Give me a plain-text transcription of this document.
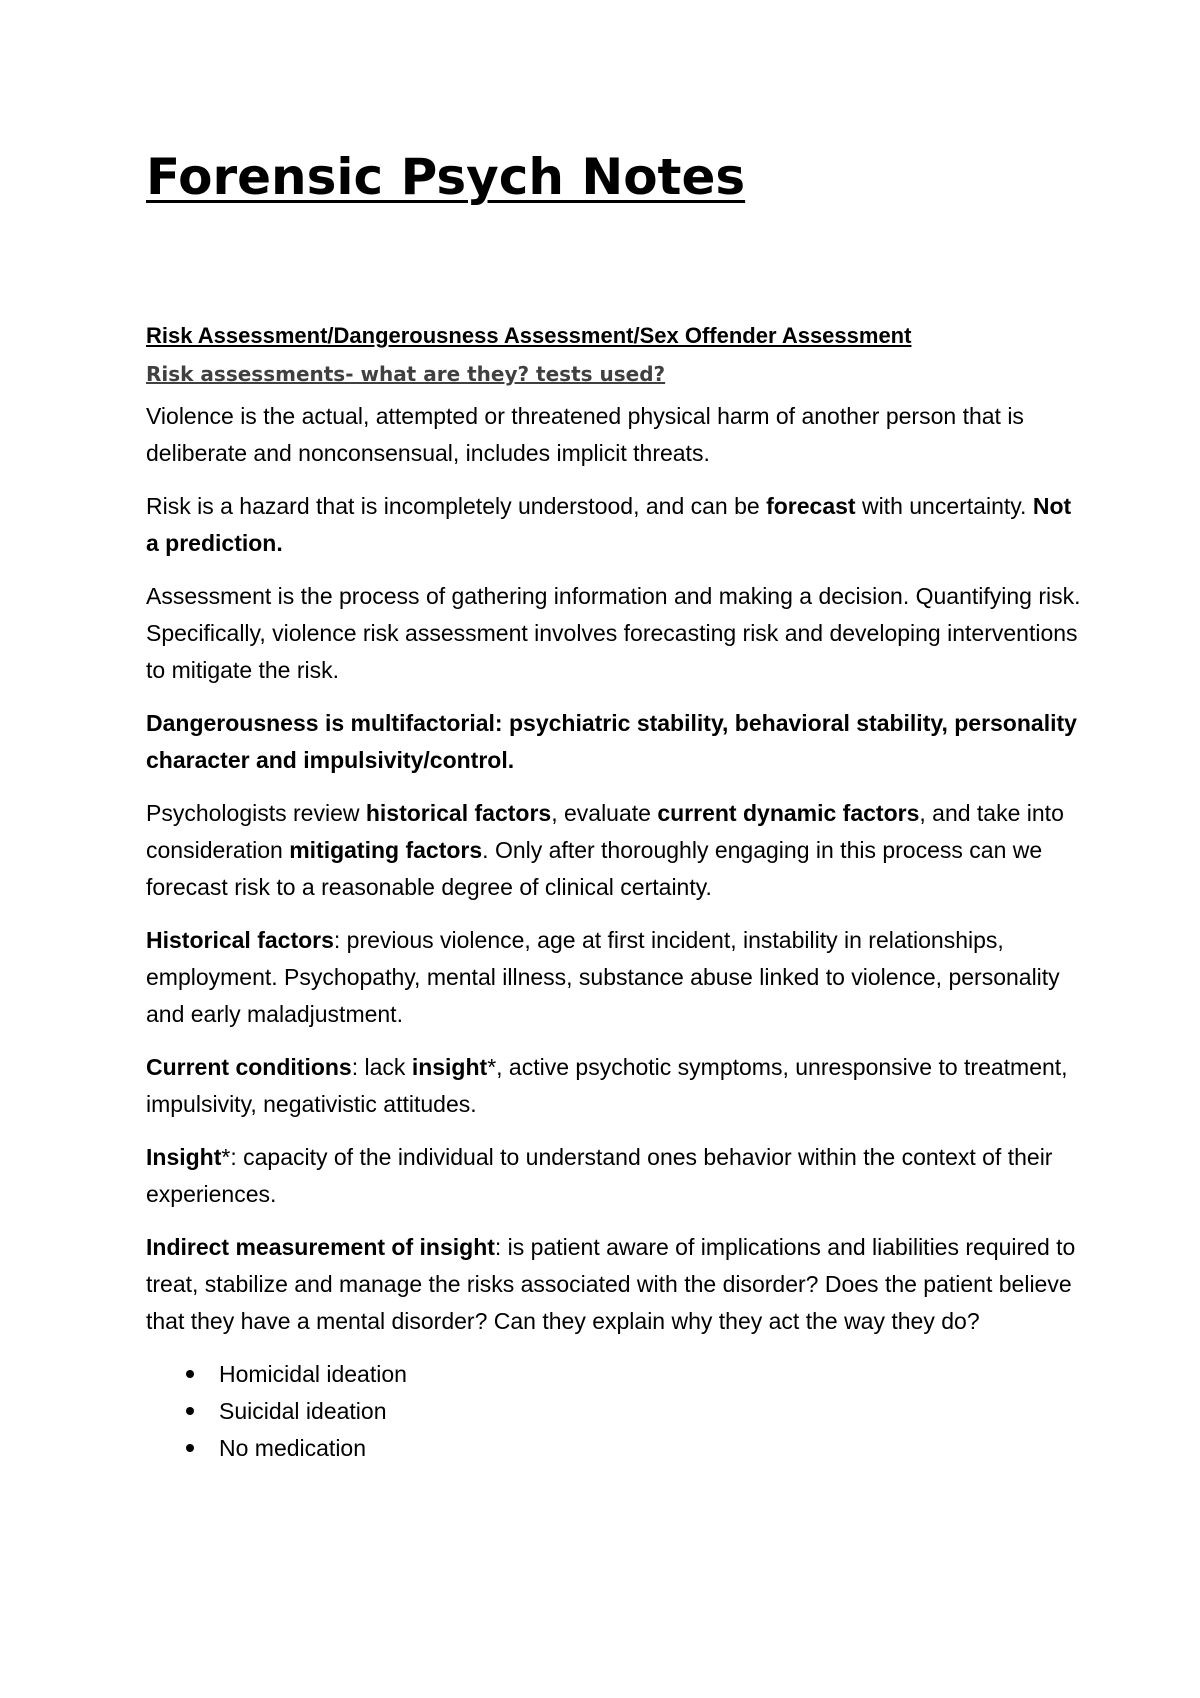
Forensic Psych Notes
Risk Assessment/Dangerousness Assessment/Sex Offender Assessment
Risk assessments- what are they? tests used?

Violence is the actual, attempted or threatened physical harm of another person that is deliberate and nonconsensual, includes implicit threats.

Risk is a hazard that is incompletely understood, and can be forecast with uncertainty. Not a prediction.

Assessment is the process of gathering information and making a decision. Quantifying risk. Specifically, violence risk assessment involves forecasting risk and developing interventions to mitigate the risk.

Dangerousness is multifactorial: psychiatric stability, behavioral stability, personality character and impulsivity/control.

Psychologists review historical factors, evaluate current dynamic factors, and take into consideration mitigating factors. Only after thoroughly engaging in this process can we forecast risk to a reasonable degree of clinical certainty.

Historical factors: previous violence, age at first incident, instability in relationships, employment. Psychopathy, mental illness, substance abuse linked to violence, personality and early maladjustment.

Current conditions: lack insight*, active psychotic symptoms, unresponsive to treatment, impulsivity, negativistic attitudes.

Insight*: capacity of the individual to understand ones behavior within the context of their experiences.

Indirect measurement of insight: is patient aware of implications and liabilities required to treat, stabilize and manage the risks associated with the disorder? Does the patient believe that they have a mental disorder? Can they explain why they act the way they do?

Homicidal ideation
Suicidal ideation
No medication
